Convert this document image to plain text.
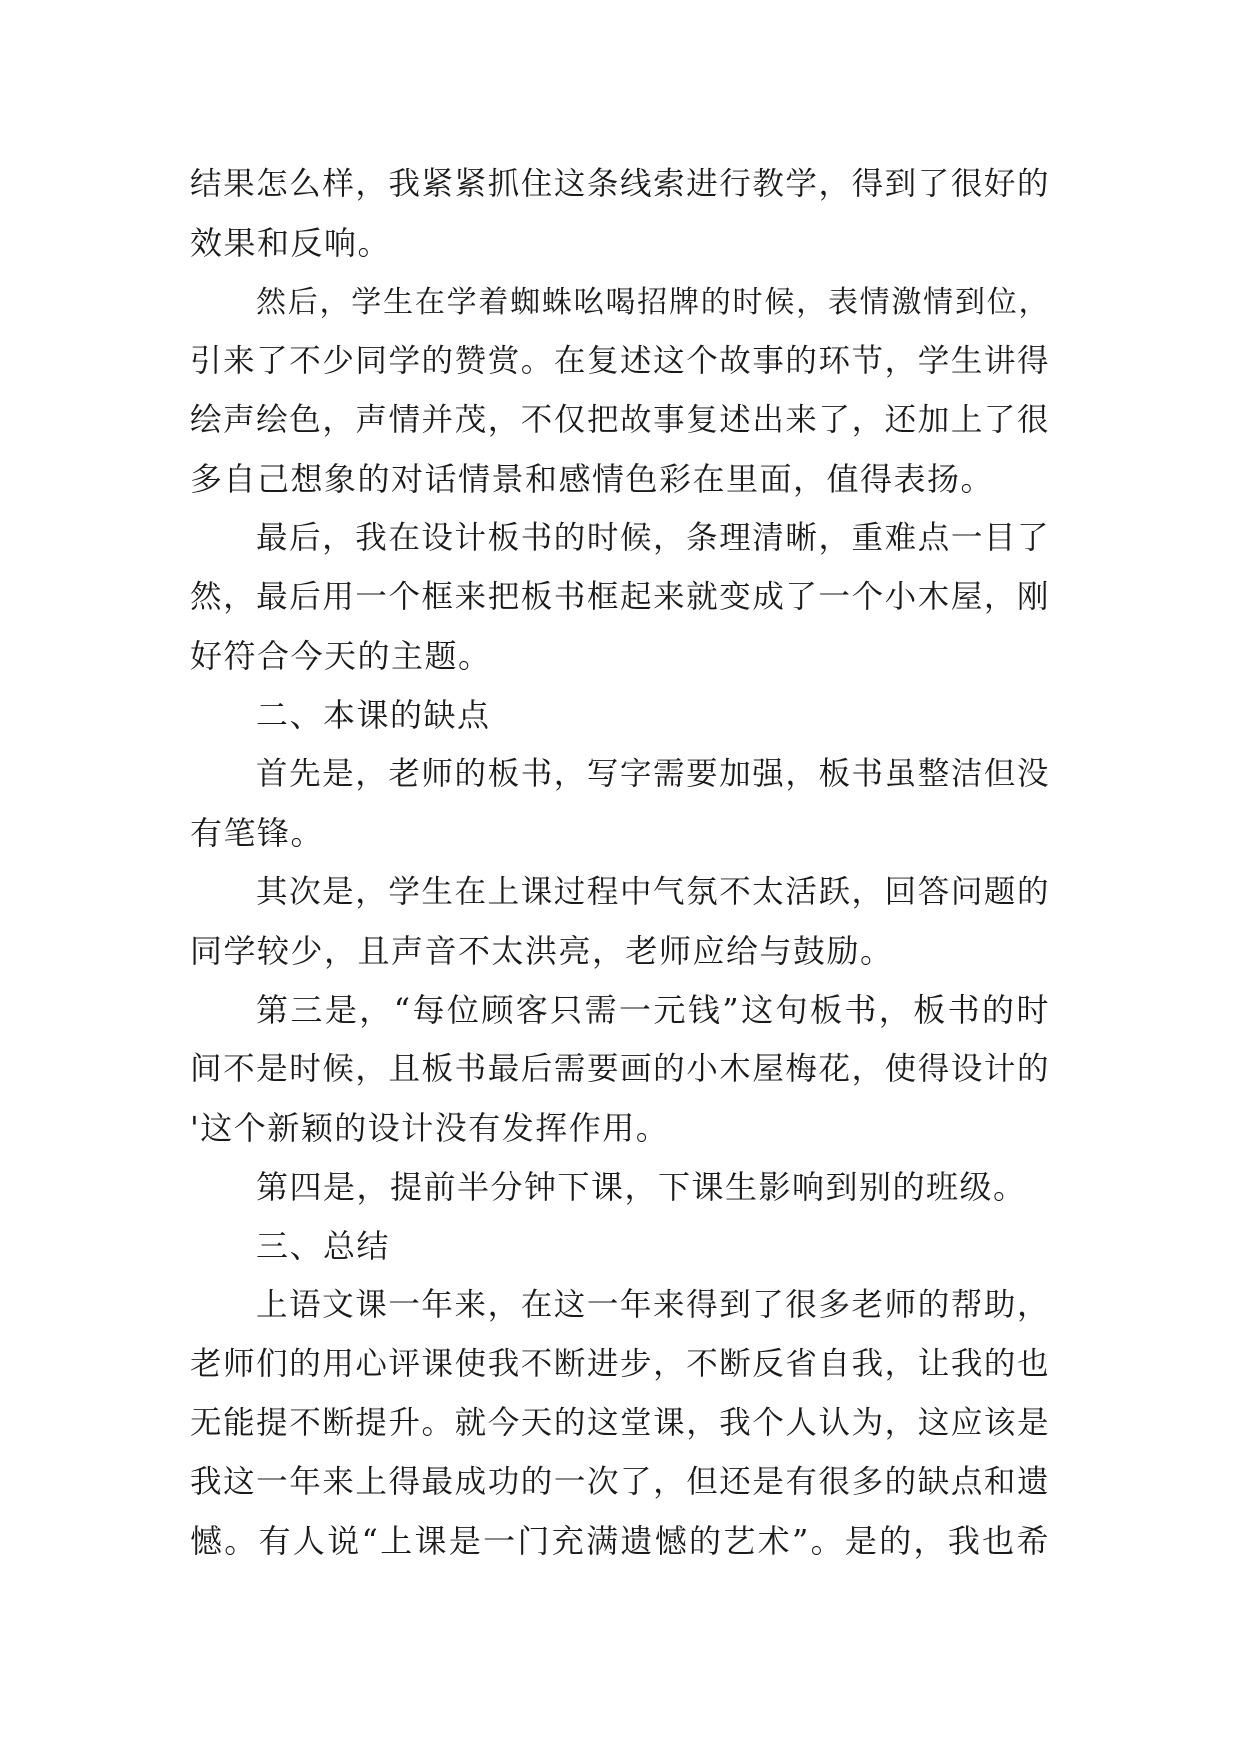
结果怎么样，我紧紧抓住这条线索进行教学，得到了很好的
效果和反响。
然后，学生在学着蜘蛛吆喝招牌的时候，表情激情到位，
引来了不少同学的赞赏。在复述这个故事的环节，学生讲得
绘声绘色，声情并茂，不仅把故事复述出来了，还加上了很
多自己想象的对话情景和感情色彩在里面，值得表扬。
最后，我在设计板书的时候，条理清晰，重难点一目了
然，最后用一个框来把板书框起来就变成了一个小木屋，刚
好符合今天的主题。
二、本课的缺点
首先是，老师的板书，写字需要加强，板书虽整洁但没
有笔锋。
其次是，学生在上课过程中气氛不太活跃，回答问题的
同学较少，且声音不太洪亮，老师应给与鼓励。
第三是，“每位顾客只需一元钱”这句板书，板书的时
间不是时候，且板书最后需要画的小木屋梅花，使得设计的
'这个新颖的设计没有发挥作用。
第四是，提前半分钟下课，下课生影响到别的班级。
三、总结
上语文课一年来，在这一年来得到了很多老师的帮助，
老师们的用心评课使我不断进步，不断反省自我，让我的也
无能提不断提升。就今天的这堂课，我个人认为，这应该是
我这一年来上得最成功的一次了，但还是有很多的缺点和遗
憾。有人说“上课是一门充满遗憾的艺术”。是的，我也希
